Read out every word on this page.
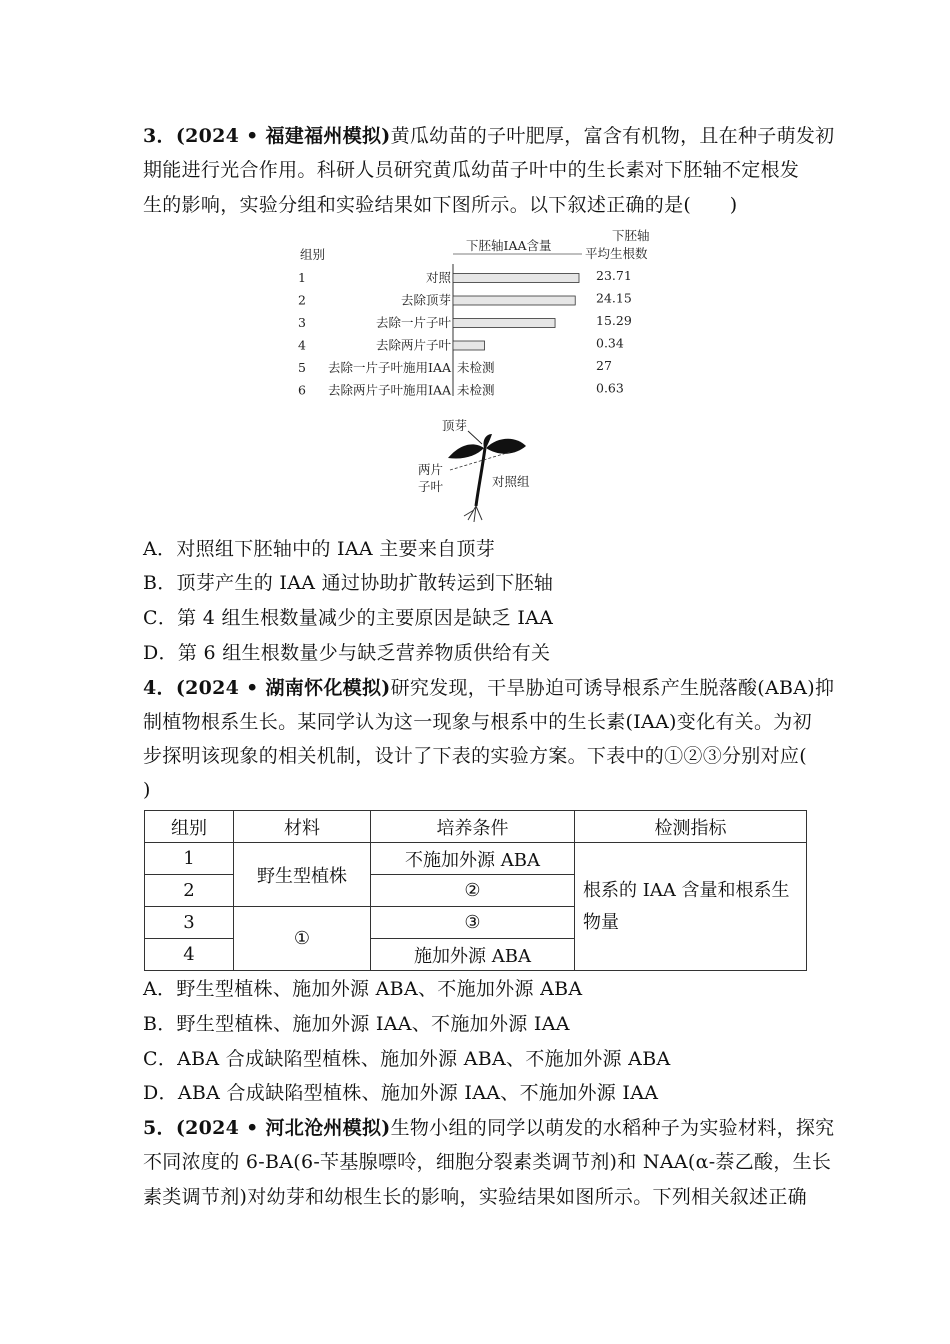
3．(2024 • 福建福州模拟)黄瓜幼苗的子叶肥厚，富含有机物，且在种子萌发初
期能进行光合作用。科研人员研究黄瓜幼苗子叶中的生长素对下胚轴不定根发
生的影响，实验分组和实验结果如下图所示。以下叙述正确的是(　　)
组别
下胚轴IAA含量
下胚轴
平均生根数
1	对照	23.71
2	去除顶芽	24.15
3	去除一片子叶	15.29
4	去除两片子叶	0.34
5 去除一片子叶施用IAA 未检测	27
6 去除两片子叶施用IAA 未检测	0.63
顶芽
两片
子叶	对照组
A．对照组下胚轴中的 IAA 主要来自顶芽
B．顶芽产生的 IAA 通过协助扩散转运到下胚轴
C．第 4 组生根数量减少的主要原因是缺乏 IAA
D．第 6 组生根数量少与缺乏营养物质供给有关
4．(2024 • 湖南怀化模拟)研究发现，干旱胁迫可诱导根系产生脱落酸(ABA)抑
制植物根系生长。某同学认为这一现象与根系中的生长素(IAA)变化有关。为初
步探明该现象的相关机制，设计了下表的实验方案。下表中的①②③分别对应(
)
组别	材料	培养条件	检测指标
1	野生型植株	不施加外源 ABA	根系的 IAA 含量和根系生
物量

2		②	
3	①	③	
4		施加外源 ABA	
A．野生型植株、施加外源 ABA、不施加外源 ABA
B．野生型植株、施加外源 IAA、不施加外源 IAA
C．ABA 合成缺陷型植株、施加外源 ABA、不施加外源 ABA
D．ABA 合成缺陷型植株、施加外源 IAA、不施加外源 IAA
5．(2024 • 河北沧州模拟)生物小组的同学以萌发的水稻种子为实验材料，探究
不同浓度的 6-BA(6-苄基腺嘌呤，细胞分裂素类调节剂)和 NAA(α-萘乙酸，生长
素类调节剂)对幼芽和幼根生长的影响，实验结果如图所示。下列相关叙述正确
